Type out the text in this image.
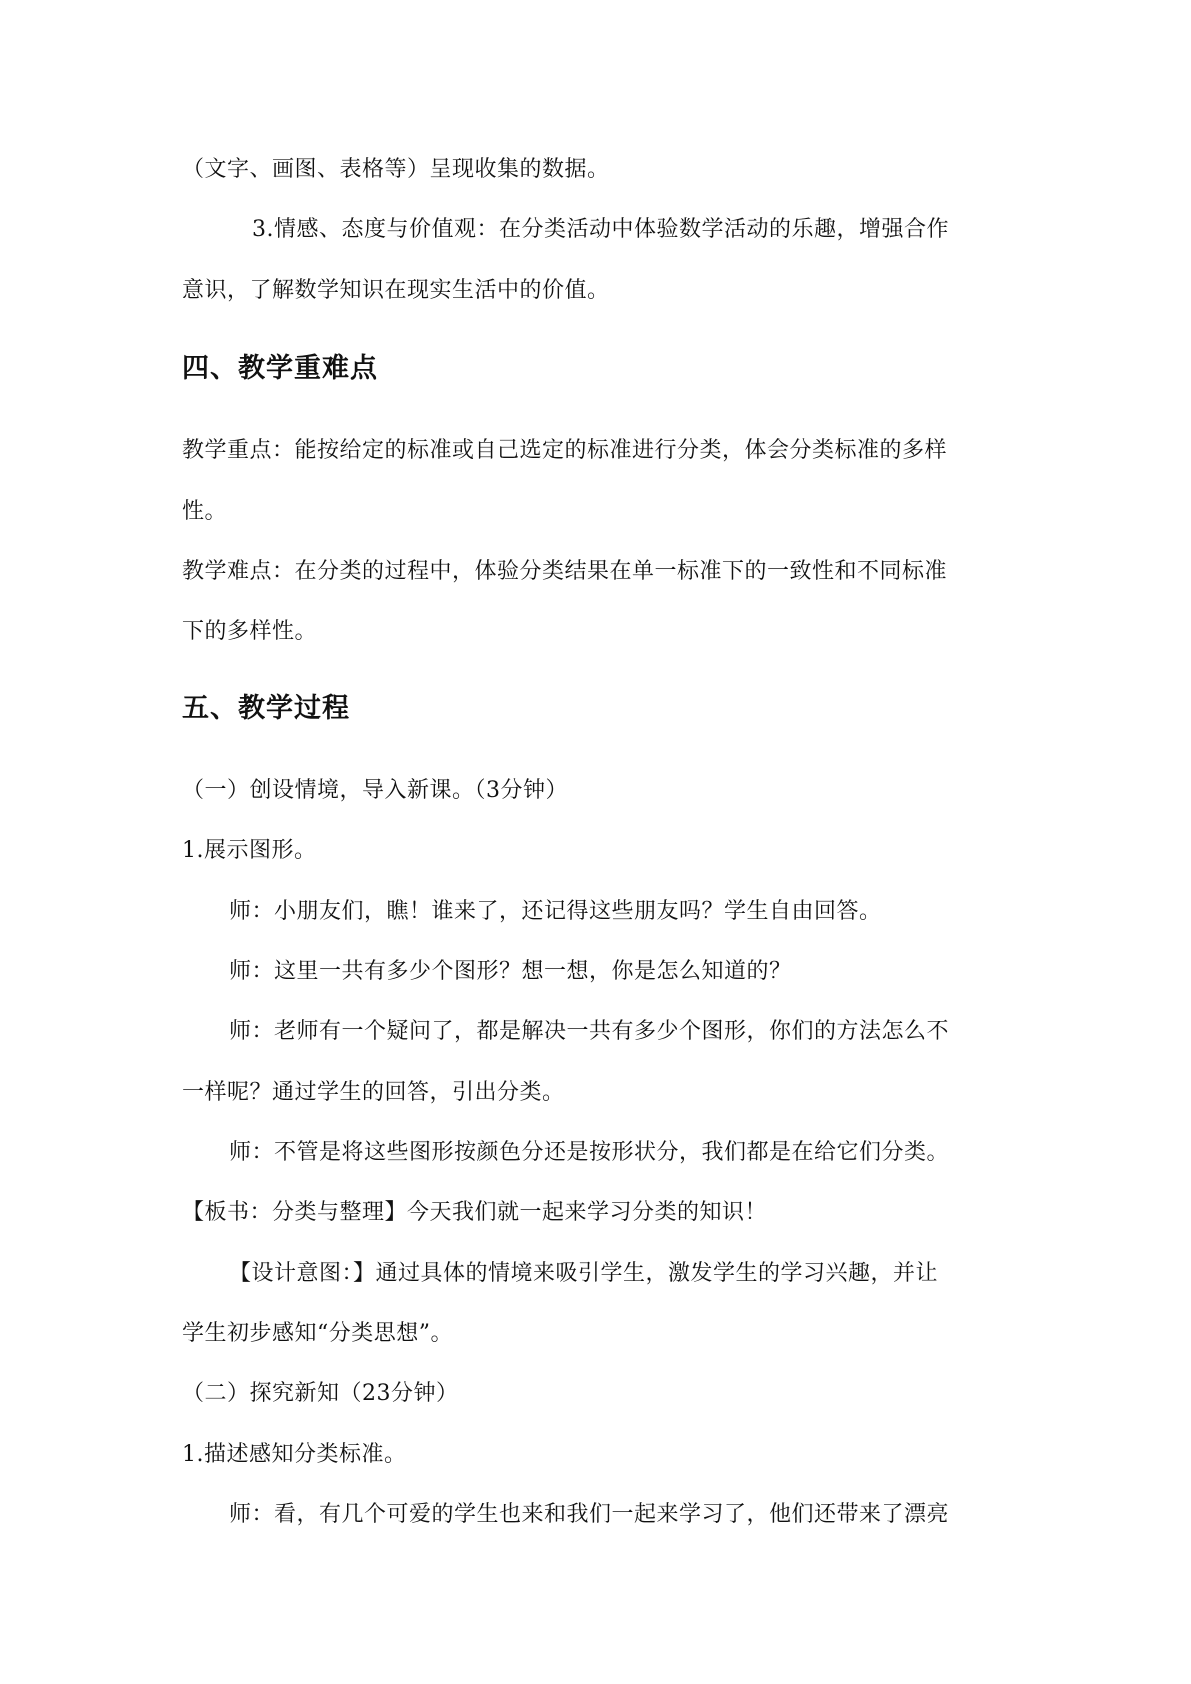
（文字、画图、表格等）呈现收集的数据。
3.情感、态度与价值观：在分类活动中体验数学活动的乐趣，增强合作
意识，了解数学知识在现实生活中的价值。
四、教学重难点
教学重点：能按给定的标准或自己选定的标准进行分类，体会分类标准的多样
性。
教学难点：在分类的过程中，体验分类结果在单一标准下的一致性和不同标准
下的多样性。
五、教学过程
（一）创设情境，导入新课。（3分钟）
1.展示图形。
师：小朋友们，瞧！谁来了，还记得这些朋友吗？学生自由回答。
师：这里一共有多少个图形？想一想，你是怎么知道的？
师：老师有一个疑问了，都是解决一共有多少个图形，你们的方法怎么不
一样呢？通过学生的回答，引出分类。
师：不管是将这些图形按颜色分还是按形状分，我们都是在给它们分类。
【板书：分类与整理】今天我们就一起来学习分类的知识！
【设计意图：】通过具体的情境来吸引学生，激发学生的学习兴趣，并让
学生初步感知“分类思想”。
（二）探究新知（23分钟）
1.描述感知分类标准。
师：看，有几个可爱的学生也来和我们一起来学习了，他们还带来了漂亮
